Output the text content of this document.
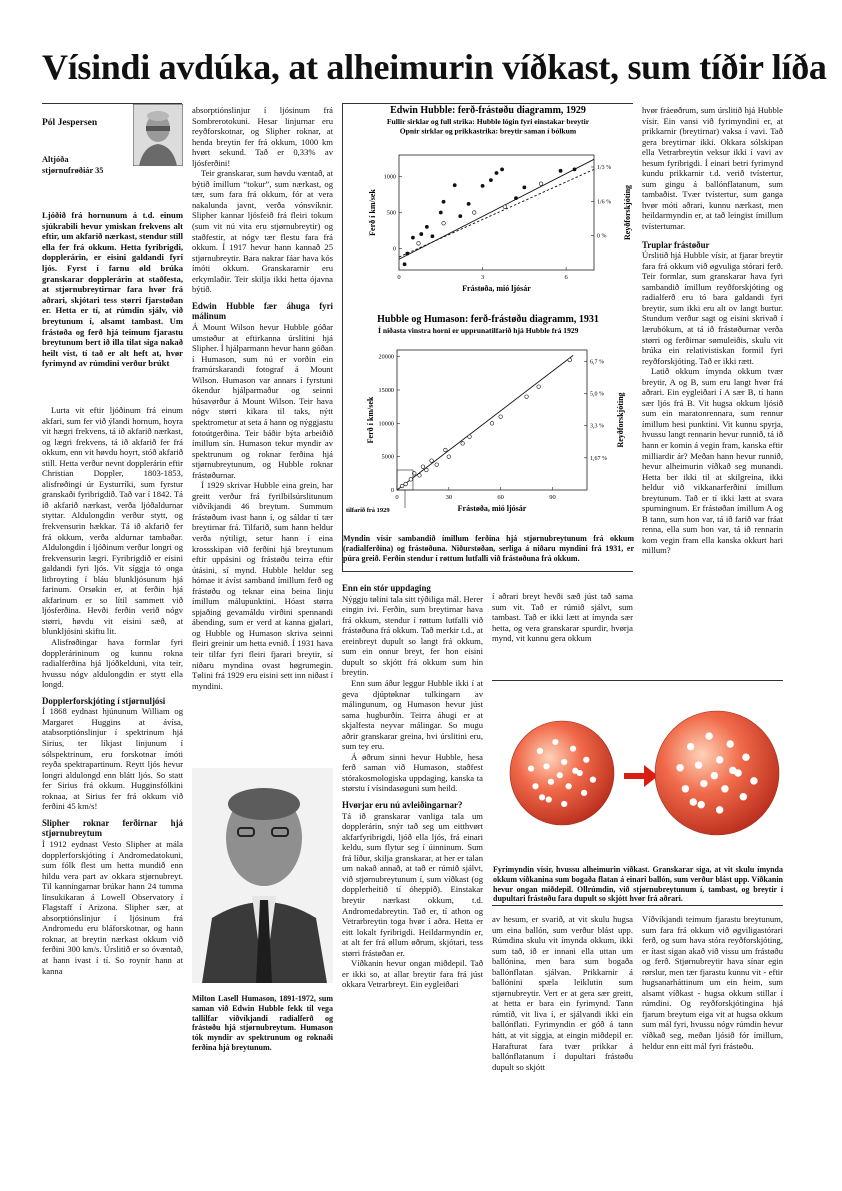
Vísindi avdúka, at alheimurin víðkast, sum tíðir líða
Pól Jespersen
Altjóða
stjørnufrøðiár 35
Ljóðið frá hornunum á t.d. einum sjúkrabili hevur ymiskan frekvens alt eftir, um akfarið nærkast, stendur still ella fer frá okkum. Hetta fyribrigdi, dopplerárin, er eisini galdandi fyri ljós. Fyrst í farnu øld brúka granskarar dopplerárin at staðfesta, at stjørnubreytirnar fara hvør frá aðrari, skjótari tess størri fjarstøðan er. Hetta er tí, at rúmdin sjálv, við breytunum í, alsamt tambast. Um frástøða og ferð hjá teimum fjarastu breytunum bert ið illa tilat siga nakað heilt víst, tí tað er alt heft at, hvør fyrimynd av rúmdini verður brúkt

Lurta vit eftir ljóðinum frá einum akfari, sum fer við ýlandi hornum, hoyra vit hægri frekvens, tá ið akfarið nærkast, og lægri frekvens, tá ið akfarið fer frá okkum, enn vit høvdu hoyrt, stóð akfarið still. Hetta verður nevnt dopplerárin eftir Christian Doppler, 1803-1853, alisfrøðingi úr Eysturríki, sum fyrstur granskaði fyribrigdið. Tað var í 1842. Tá ið akfarið nærkast, verða ljóðaldurnar styttar. Aldulongdin verður stytt, og frekvensurin hækkar. Tá ið akfarið fer frá okkum, verða aldurnar tambaðar. Aldulongdin í ljóðinum verður longri og frekvensurin lægri. Fyribrigdið er eisini galdandi fyri ljós. Vit síggja tó onga litbroyting í bláu blunkljósunum hjá farinum. Orsøkin er, at ferðin hjá akfarinum er so lítil sammett við ljósferðina. Hevði ferðin verið nógv størri, høvdu vit eisini sæð, at blunkljósini skiftu lit.

Alisfrøðingar hava formlar fyri dopplerárininum og kunnu rokna radialferðina hjá ljóðkelduni, vita teir, hvussu nógv aldulongdin er stytt ella longd.

Dopplerforskjóting í stjørnuljósi

Í 1868 eydnast hjúnunum William og Margaret Huggins at ávísa, atabsorptiónslinjur í spektrinum hjá Sirius, ter líkjast linjunum í sólspektrinum, eru forskotnar ímóti reyða spektrapartinum. Reytt ljós hevur longri aldulongd enn blátt ljós. So statt fer Sirius frá okkum. Hugginsfólkini roknaa, at Sirius fer frá okkum við ferðini 45 km/s!

Slipher roknar ferðirnar hjá stjørnubreytum

Í 1912 eydnast Vesto Slipher at mála dopplerforskjóting í Andromedatokuni, sum fólk flest um hetta mundið enn hildu vera part av okkara stjørnubreyt. Til kanningarnar brúkar hann 24 tumma linsukikaran á Lowell Observatory í Flagstaff í Arizona. Slipher sær, at absorptiónslinjur í ljósinum frá Andromedu eru bláforskotnar, og hann roknar, at breytin nærkast okkum við ferðini 300 km/s. Úrslitið er so óvæntað, at hann ivast í tí. So roynir hann at kanna

absorptiónslinjur í ljósinum frá Sombrerotokuni. Hesar linjurnar eru reyðforskotnar, og Slipher roknar, at henda breytin fer frá okkum, 1000 km hvørt sekund. Tað er 0,33% av ljósferðini!

Teir granskarar, sum høvdu væntað, at býtið ímillum “tokur”, sum nærkast, og tær, sum fara frá okkum, fór at vera nakalunda javnt, verða vónsvíknir. Slipher kannar ljósfeið frá fleiri tokum (sum vit nú vita eru stjørnubreytir) og staðfestir, at nógv tær flestu fara frá okkum. Í 1917 hevur hann kannað 25 stjørnubreytir. Bara nakrar fáar hava kós ímóti okkum. Granskararnir eru erkymlaðir. Teir skilja ikki hetta ójavna býtið.

Edwin Hubble fær áhuga fyri málinum

Á Mount Wilson hevur Hubble góðar umstøður at eftirkanna úrslitini hjá Slipher. Í hjálparmann hevur hann góðan í Humason, sum nú er vorðin ein framúrskarandi fotograf á Mount Wilson. Humason var annars í fyrstuni ókendur hjálparmaður og seinni húsavørður á Mount Wilson. Teir hava nógv størri kikara til taks, nýtt spektrometur at seta á hann og nýggjastu fotoútgerðina. Teir báðir býta arbeiðið ímillum sín. Humason tekur myndir av spektrunum og roknar ferðina hjá stjørnubreytunum, og Hubble roknar frástøðurnar.

Í 1929 skrivar Hubble eina grein, har greitt verður frá fyrilbilsúrslitunum viðvíkjandi 46 breytum. Summum frástøðum ivast hann í, og sáldar tí tær breytirnar frá. Tilfarið, sum hann heldur verða nýtiligt, setur hann í eina krossskipan við ferðini hjá breytunum eftir uppásini og frástøðu teirra eftir útásini, sí mynd. Hubble heldur seg hómae it ávíst samband ímillum ferð og frástøðu og teknar eina beina linju ímillum málupunktini. Hóast størra spjaðing gevamáldu virðini spennandi ábending, sum er verd at kanna gjølari, og Hubble og Humason skriva seinni fleiri greinir um hetta evnið. Í 1931 hava teir tilfar fyri fleiri fjarari breytir, sí niðaru myndina ovast høgrumegin. Tølini frá 1929 eru eisini sett inn niðast í myndini.

Milton Lasell Humason, 1891-1972, sum saman við Edwin Hubble fekk til vega tallilfar viðvíkjandi radialferð og frástøðu hjá stjørnubreytum. Humason tók myndir av spektrunum og roknaði ferðina hjá breytunum.
Edwin Hubble: ferð-frástøðu diagramm, 1929
Fullir sirklar og full strika: Hubble lógin fyri einstakar breytir
Opnir sirklar og prikkastrika: breytir saman í bólkum
0	3	6
0
500
1000
0 %
1/6 %
1/3 %
Frástøða, mió ljósár
Ferð í km/sek	Reyðforskjóting
Hubble og Humason: ferð-frástøðu diagramm, 1931
Í niðasta vinstra horni er upprunatilfarið hjá Hubble frá 1929
0	30	60	90
0
5000
10000
15000
20000
1,67 %
3,3 %
5,0 %
6,7 %
Frástøða, mió ljósár
Ferð í km/sek	Reyðforskjóting
tilfarið frá 1929
Myndin vísir sambandið ímillum ferðina hjá stjørnubreytunum frá okkum (radialferðina) og frástøðuna. Niðurstøðan, serliga á niðaru myndini frá 1931, er púra greið. Ferðin stendur í røttum lutfalli við frástøðuna frá okkum.
Enn ein stór uppdaging

Nýggju tølini tala sitt týðiliga mál. Herer eingin ivi. Ferðin, sum breytirnar hava frá okkum, stendur í røttum lutfalli við frástøðuna frá okkum. Tað merkir t.d., at ereinbreyt dupult so langt frá okkum, sum ein onnur breyt, fer hon eisini dupult so skjótt frá okkum sum hin breytin.

Enn sum áður leggur Hubble ikki í at geva djúptøknar tulkingarn av málingunum, og Humason hevur júst sama hugburðin. Teirra áhugi er at skjalfesta neyvar málingar. So mugu aðrir granskarar greina, hvi úrslitini eru, sum tey eru.

Á øðrum sinni hevur Hubble, hesa ferð saman við Humason, staðfest stórakosmologiska uppdaging, kanska ta størstu í vísindasøguni sum heild.

Hvørjar eru nú avleiðingarnar?

Tá ið granskarar vanliga tala um dopplerárin, snýr tað seg um eitthvørt akfarfyribrigdi, ljóð ella ljós, frá einari keldu, sum flytur seg í úinninum. Sum frá líður, skilja granskarar, at her er talan um nakað annað, at tað er rúmið sjálvt, við stjørnubreytunum í, sum víðkast (og dopplerheitið tí óheppið). Einstakar breytir nærkast okkum, t.d. Andromedabreytin. Tað er, tí athon og Vetrarbreytin toga hvør í aðra. Hetta er eitt lokalt fyribrigdi. Heildarmyndin er, at alt fer frá øllum øðrum, skjótari, tess størri frástøðan er.

Víðkanin hevur ongan miðdepil. Tað er ikki so, at allar breytir fara frá júst okkara Vetrarbreyt. Ein eygleiðari

í aðrari breyt hevði sæð júst tað sama sum vit. Tað er rúmið sjálvt, sum tambast. Tað er ikki lætt at ímynda sær hetta, og vera granskarar spurdir, hvørja mynd, vit kunnu gera okkum

hvør fráeøðrum, sum úrslitið hjá Hubble vísir. Ein vansi við fyrimyndini er, at prikkarnir (breytirnar) vaksa í vavi. Tað gera breytirnar ikki. Okkara sólskipan ella Vetrarbreytin veksur ikki í vavi av hesum fyribrigdi. Í einari betri fyrimynd kundu prikkarnir t.d. verið tvístertur, sum gingu á ballónflatanum, sum tambaðist. Tvær tvístertur, sum ganga hvør móti aðrari, kunnu nærkast, men heildarmyndin er, at tað leingist ímillum tvístertumar.

Truplar frástøður

Úrslitið hjá Hubble vísir, at fjarar breytir fara frá okkum við øgvuliga stórari ferð. Teir formlar, sum granskarar hava fyri sambandið ímillum reyðforskjóting og radialferð eru tó bara galdandi fyri breytir, sum ikki eru alt ov langt burtur. Stundum verður sagt og eisini skrivað í lærubókum, at tá ið frástøðurnar verða størri og ferðirnar sømuleiðis, skulu vit brúka ein relativistiskan formil fyri reyðforskjóting. Tað er ikki rætt.

Latið okkum ímynda okkum tvær breytir, A og B, sum eru langt hvør frá aðrari. Ein eygleiðari í A sær B, tí hann sær ljós frá B. Vit hugsa okkum ljósið sum ein maratonrennara, sum rennur ímillum hesi punktini. Vit kunnu spyrja, hvussu langt rennarin hevur runnið, tá ið hann er komin á vegin fram, kanska eftir milliardir ár? Meðan hann hevur runnið, hevur alheimurin víðkað seg munandi. Hetta ber ikki til at skilgreina, ikki heldur við vikkanarferðini ímillum breytunum. Tað er tí ikki lætt at svara spurningnum. Er frástøðan ímillum A og B tann, sum hon var, tá ið farið var fráat renna, ella sum hon var, tá ið rennarin kom vegin fram ella kanska okkurt hari millum?

Fyrimyndin vísir, hvussu alheimurin víðkast. Granskarar siga, at vit skulu ímynda okkum víðkanina sum bogaða flatan á einari ballón, sum verður blást upp. Víðkanin hevur ongan miðdepil. Ollrúmdin, við stjørnubreytunum í, tambast, og breytir í dupultari frástøðu fara dupult so skjótt hvør frá aðrari.

av hesum, er svarið, at vit skulu hugsa um eina ballón, sum verður blást upp. Rúmdina skulu vit ímynda okkum, ikki sum tað, ið er innani ella uttan um ballónina, men bara sum bogaða ballónflatan sjálvan. Prikkarnir á ballónini spæla leiklutin sum stjørnubreytir. Vert er at gera sær greitt, at hetta er bara ein fyrimynd. Tann rúmtíð, vit liva í, er sjálvandi ikki ein ballónflati. Fyrimyndin er góð á tann hátt, at vit síggja, at eingin miðdepil er. Harafturat fara tvær prikkar á ballónflatanum í dupultari frástøðu dupult so skjótt

Víðvíkjandi teimum fjarastu breytunum, sum fara frá okkum við øgviligastórari ferð, og sum hava stóra reyðforskjóting, er ítast sigan akað við vissu um frástøðu og ferð. Stjørnubreytir hava sínar egin rørslur, men tær fjarastu kunnu vit - eftir hugsanarháttinum um ein heim, sum alsamt víðkast - hugsa okkum stillar í rúmdini. Og reyðforskjótingina hjá fjarum breytum eiga vit at hugsa okkum sum mál fyri, hvussu nógv rúmdin hevur víðkað seg, meðan ljósið fór ímillum, heldur enn eitt mál fyri frástøðu.
